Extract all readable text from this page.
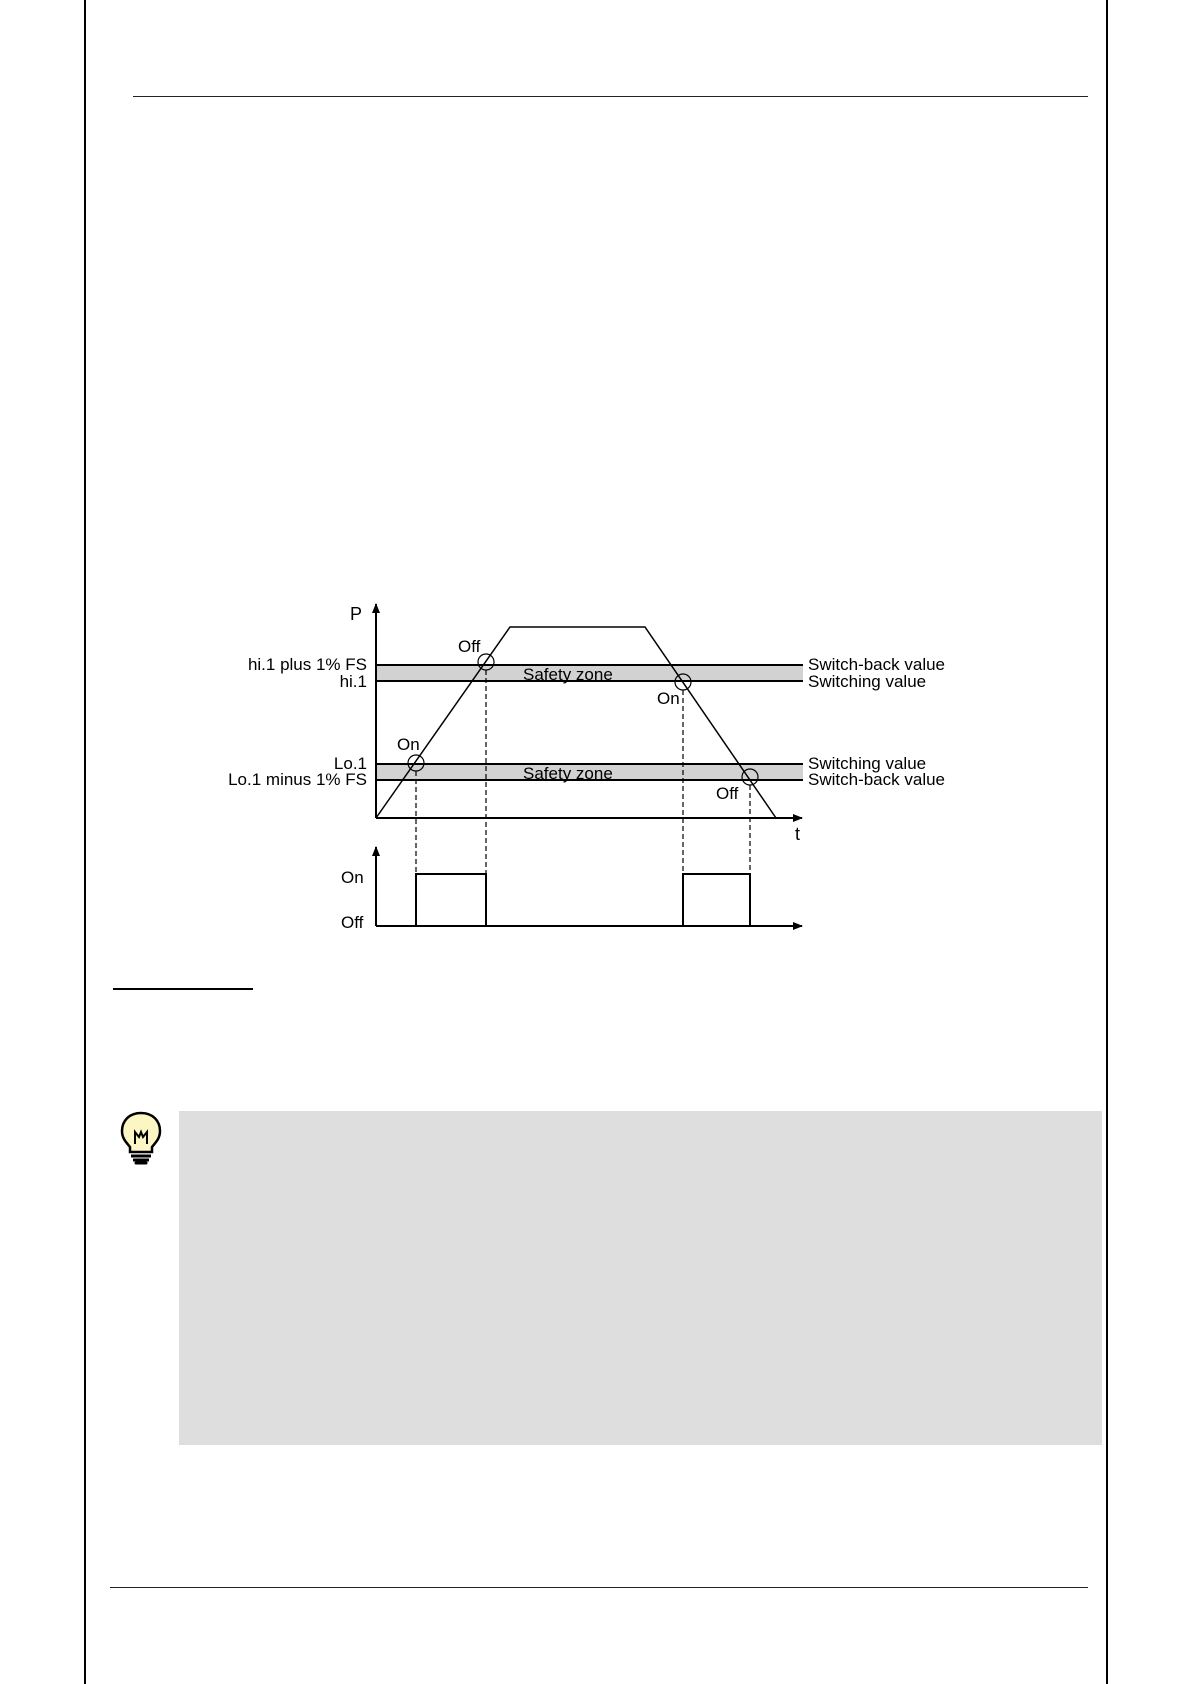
P
t
hi.1 plus 1% FS
hi.1
Lo.1
Lo.1 minus 1% FS
Safety zone
Safety zone
Switch-back value
Switching value
Switching value
Switch-back value
Off
On
On
Off
On
Off
